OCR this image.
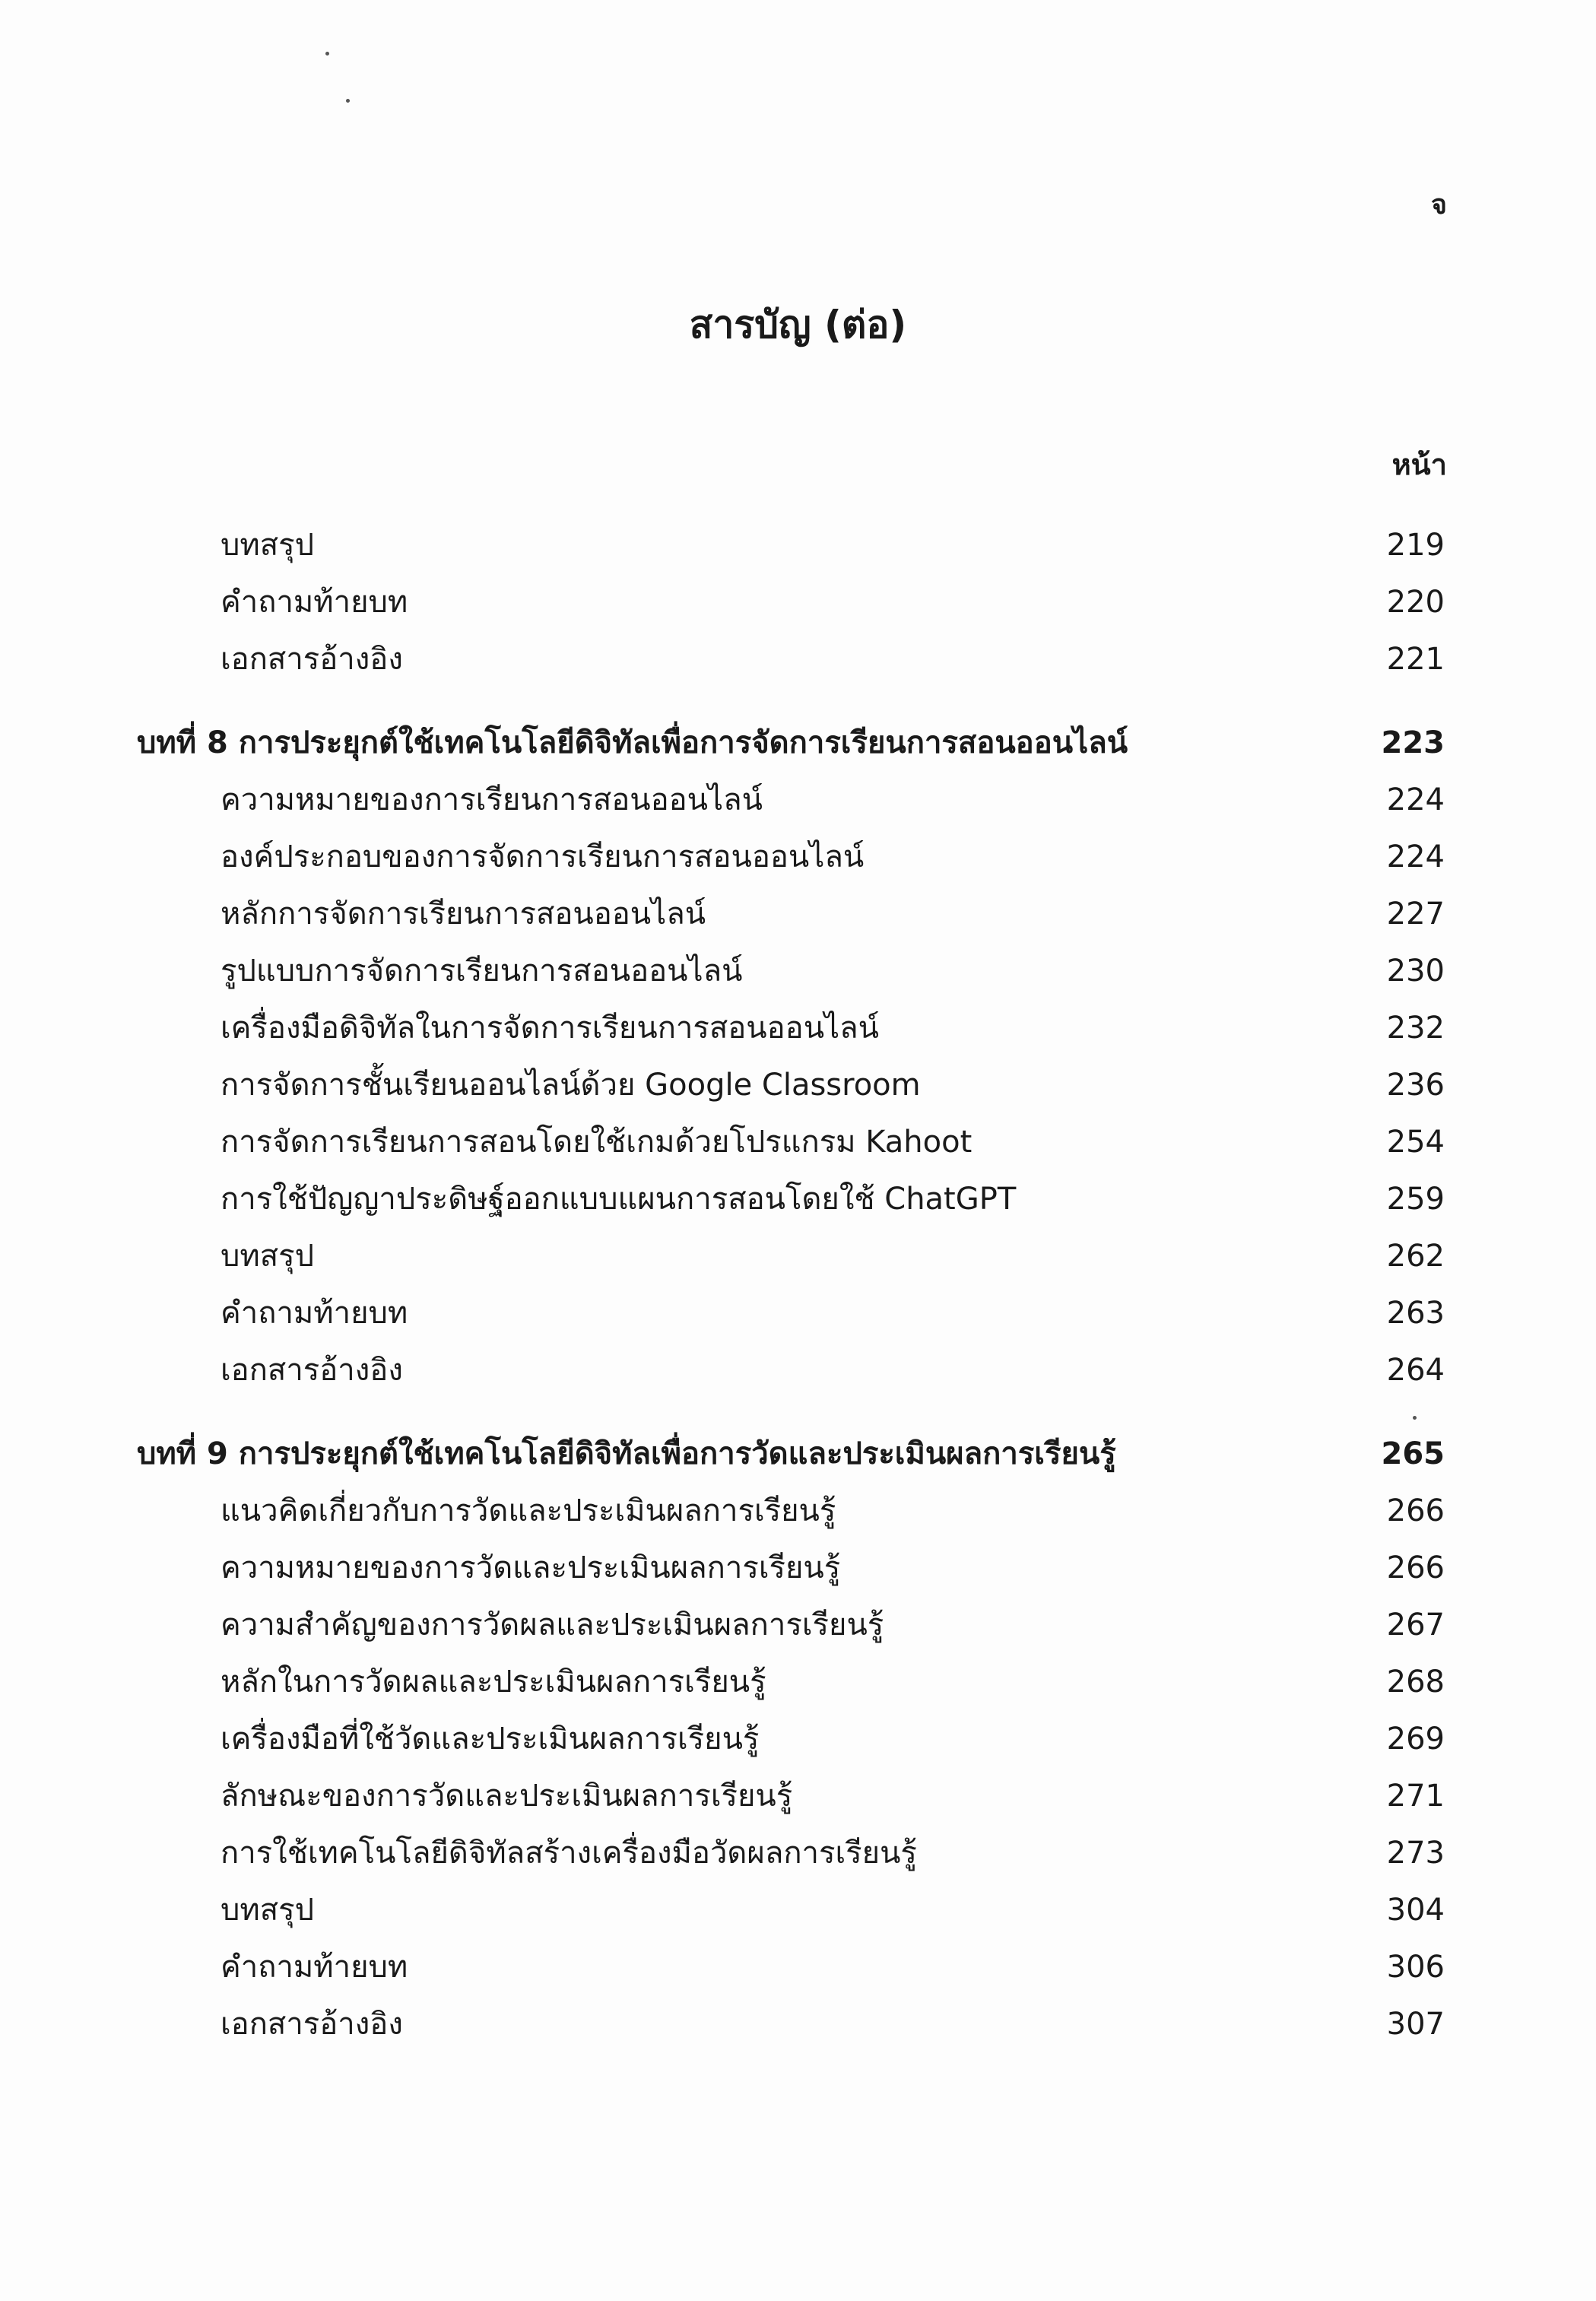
จ
สารบัญ (ต่อ)
หน้า
บทสรุป	219
คำถามท้ายบท	220
เอกสารอ้างอิง	221
บทที่ 8 การประยุกต์ใช้เทคโนโลยีดิจิทัลเพื่อการจัดการเรียนการสอนออนไลน์	223
ความหมายของการเรียนการสอนออนไลน์	224
องค์ประกอบของการจัดการเรียนการสอนออนไลน์	224
หลักการจัดการเรียนการสอนออนไลน์	227
รูปแบบการจัดการเรียนการสอนออนไลน์	230
เครื่องมือดิจิทัลในการจัดการเรียนการสอนออนไลน์	232
การจัดการชั้นเรียนออนไลน์ด้วย Google Classroom	236
การจัดการเรียนการสอนโดยใช้เกมด้วยโปรแกรม Kahoot	254
การใช้ปัญญาประดิษฐ์ออกแบบแผนการสอนโดยใช้ ChatGPT	259
บทสรุป	262
คำถามท้ายบท	263
เอกสารอ้างอิง	264
บทที่ 9 การประยุกต์ใช้เทคโนโลยีดิจิทัลเพื่อการวัดและประเมินผลการเรียนรู้	265
แนวคิดเกี่ยวกับการวัดและประเมินผลการเรียนรู้	266
ความหมายของการวัดและประเมินผลการเรียนรู้	266
ความสำคัญของการวัดผลและประเมินผลการเรียนรู้	267
หลักในการวัดผลและประเมินผลการเรียนรู้	268
เครื่องมือที่ใช้วัดและประเมินผลการเรียนรู้	269
ลักษณะของการวัดและประเมินผลการเรียนรู้	271
การใช้เทคโนโลยีดิจิทัลสร้างเครื่องมือวัดผลการเรียนรู้	273
บทสรุป	304
คำถามท้ายบท	306
เอกสารอ้างอิง	307
